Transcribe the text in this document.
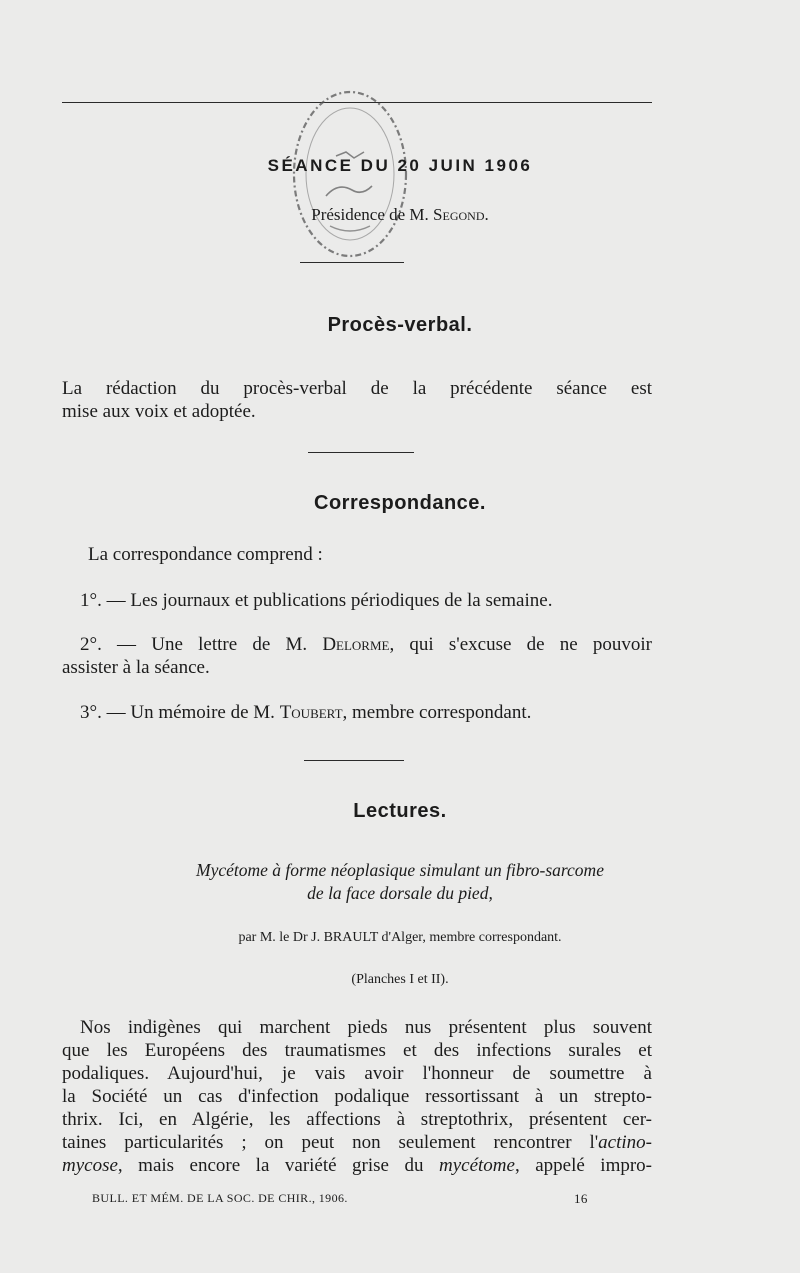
SÉANCE DU 20 JUIN 1906
Présidence de M. Segond.
Procès-verbal.
La rédaction du procès-verbal de la précédente séance est
mise aux voix et adoptée.
Correspondance.
La correspondance comprend :
1°. — Les journaux et publications périodiques de la semaine.
2°. — Une lettre de M. Delorme, qui s'excuse de ne pouvoir
assister à la séance.
3°. — Un mémoire de M. Toubert, membre correspondant.
Lectures.
Mycétome à forme néoplasique simulant un fibro-sarcome
de la face dorsale du pied,
par M. le Dr J. BRAULT d'Alger, membre correspondant.
(Planches I et II).
Nos indigènes qui marchent pieds nus présentent plus souvent
que les Européens des traumatismes et des infections surales et
podaliques. Aujourd'hui, je vais avoir l'honneur de soumettre à
la Société un cas d'infection podalique ressortissant à un strepto-
thrix. Ici, en Algérie, les affections à streptothrix, présentent cer-
taines particularités ; on peut non seulement rencontrer l'actino-
mycose, mais encore la variété grise du mycétome, appelé impro-
BULL. ET MÉM. DE LA SOC. DE CHIR., 1906.	16
